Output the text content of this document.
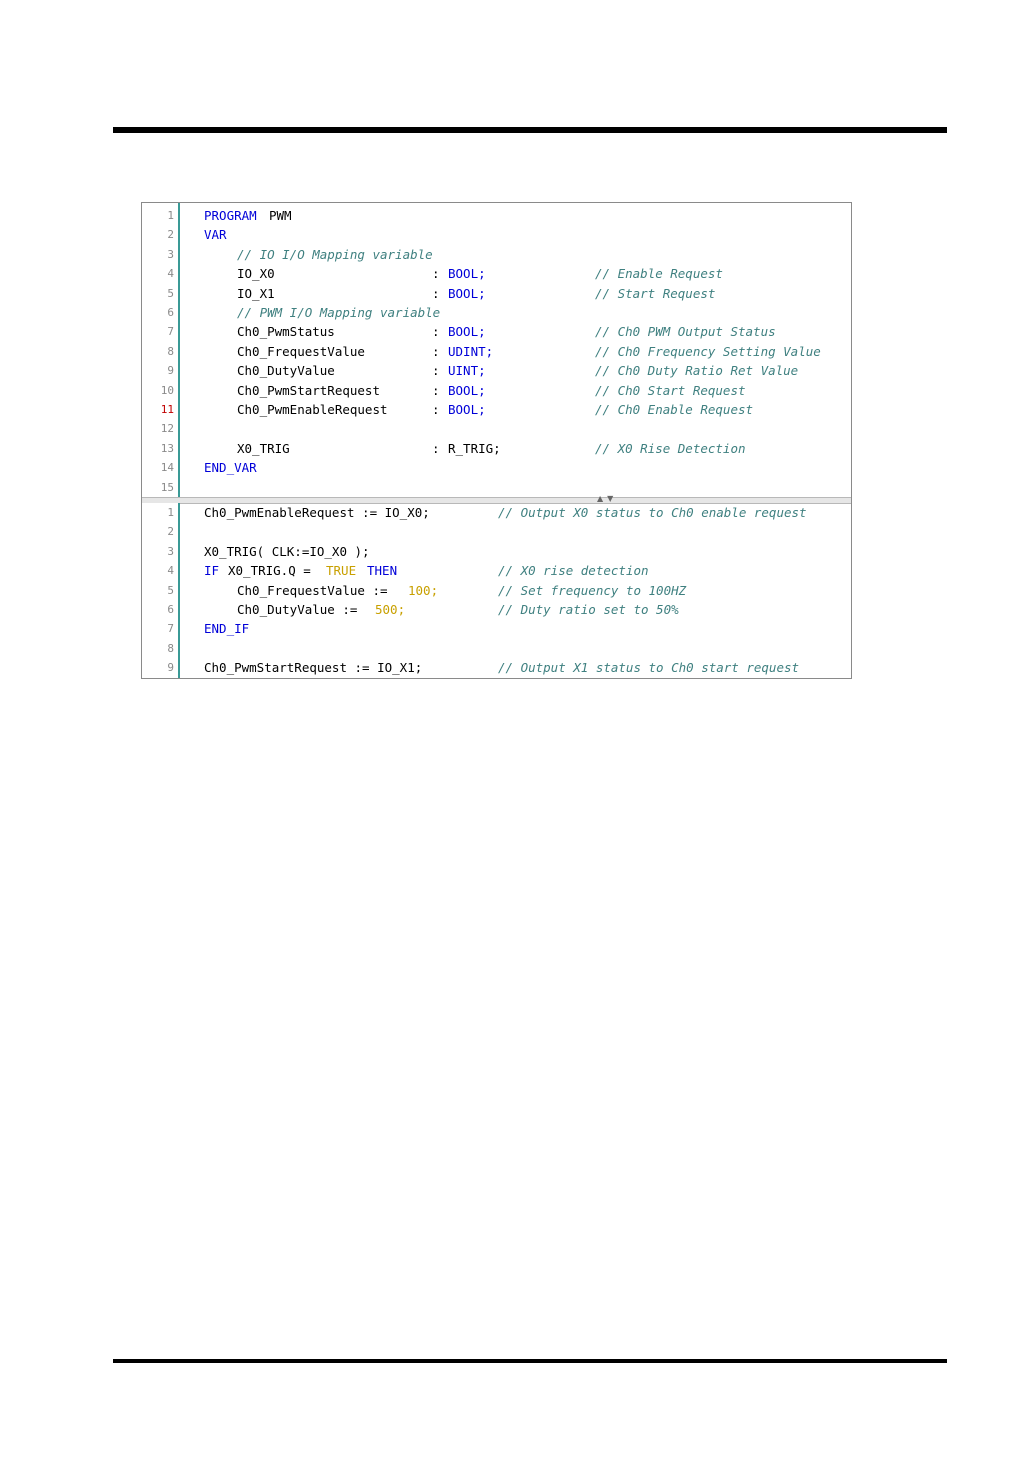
1 PROGRAM PWM
2 VAR
3	// IO I/O Mapping variable
4	IO_X0	: BOOL;	// Enable Request
5	IO_X1	: BOOL;	// Start Request
6	// PWM I/O Mapping variable
7	Ch0_PwmStatus	: BOOL;	// Ch0 PWM Output Status
8	Ch0_FrequestValue	: UDINT;	// Ch0 Frequency Setting Value
9	Ch0_DutyValue	: UINT;	// Ch0 Duty Ratio Ret Value
10	Ch0_PwmStartRequest	: BOOL;	// Ch0 Start Request
11	Ch0_PwmEnableRequest	: BOOL;	// Ch0 Enable Request
12
13	X0_TRIG	: R_TRIG;	// X0 Rise Detection
14 END_VAR
15
▲▼
1 Ch0_PwmEnableRequest := IO_X0;	// Output X0 status to Ch0 enable request
2
3 X0_TRIG( CLK:=IO_X0 );
4 IF X0_TRIG.Q = TRUE THEN	// X0 rise detection
5	Ch0_FrequestValue := 100;	// Set frequency to 100HZ
6	Ch0_DutyValue := 500;	// Duty ratio set to 50%
7 END_IF
8
9 Ch0_PwmStartRequest := IO_X1;	// Output X1 status to Ch0 start request
